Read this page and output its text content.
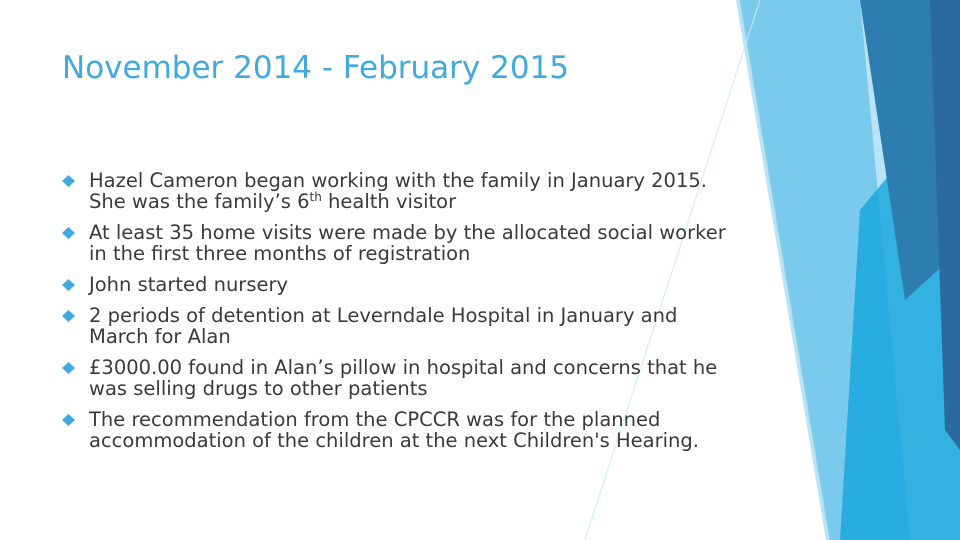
November 2014 - February 2015
Hazel Cameron began working with the family in January 2015. She was the family’s 6th health visitor
At least 35 home visits were made by the allocated social worker in the first three months of registration
John started nursery
2 periods of detention at Leverndale Hospital in January and March for Alan
£3000.00 found in Alan’s pillow in hospital and concerns that he was selling drugs to other patients
The recommendation from the CPCCR was for the planned accommodation of the children at the next Children's Hearing.
